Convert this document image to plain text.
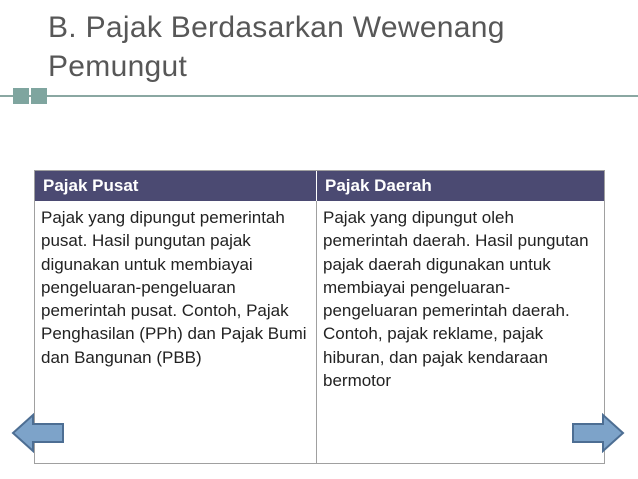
B. Pajak Berdasarkan Wewenang
Pemungut
Pajak Pusat	Pajak Daerah
Pajak yang dipungut pemerintah pusat. Hasil pungutan pajak digunakan untuk membiayai pengeluaran-pengeluaran pemerintah pusat. Contoh, Pajak Penghasilan (PPh) dan Pajak Bumi dan Bangunan (PBB)
Pajak yang dipungut oleh pemerintah daerah. Hasil pungutan pajak daerah digunakan untuk membiayai pengeluaran-pengeluaran pemerintah daerah. Contoh, pajak reklame, pajak hiburan, dan pajak kendaraan bermotor
